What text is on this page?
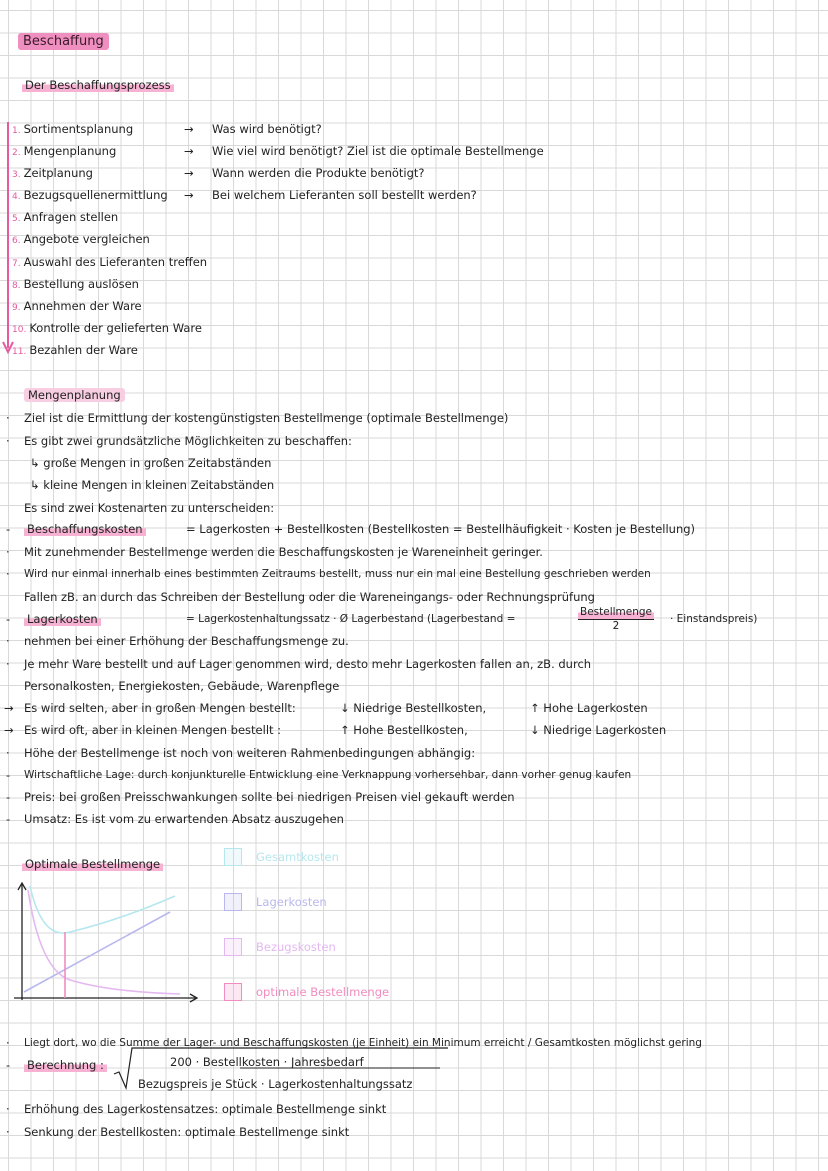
Beschaffung
Der Beschaffungsprozess
1. Sortimentsplanung	→ Was wird benötigt?
2. Mengenplanung	→ Wie viel wird benötigt? Ziel ist die optimale Bestellmenge
3. Zeitplanung	→ Wann werden die Produkte benötigt?
4. Bezugsquellenermittlung → Bei welchem Lieferanten soll bestellt werden?
5. Anfragen stellen
6. Angebote vergleichen
7. Auswahl des Lieferanten treffen
8. Bestellung auslösen
9. Annehmen der Ware
10. Kontrolle der gelieferten Ware
11. Bezahlen der Ware
Mengenplanung
· Ziel ist die Ermittlung der kostengünstigsten Bestellmenge (optimale Bestellmenge)
· Es gibt zwei grundsätzliche Möglichkeiten zu beschaffen:
↳ große Mengen in großen Zeitabständen
↳ kleine Mengen in kleinen Zeitabständen
Es sind zwei Kostenarten zu unterscheiden:
- Beschaffungskosten	= Lagerkosten + Bestellkosten (Bestellkosten = Bestellhäufigkeit · Kosten je Bestellung)
· Mit zunehmender Bestellmenge werden die Beschaffungskosten je Wareneinheit geringer.
· Wird nur einmal innerhalb eines bestimmten Zeitraums bestellt, muss nur ein mal eine Bestellung geschrieben werden
Fallen zB. an durch das Schreiben der Bestellung oder die Wareneingangs- oder Rechnungsprüfung
- Lagerkosten	= Lagerkostenhaltungssatz · Ø Lagerbestand (Lagerbestand =
Bestellmenge
2
· Einstandspreis)
· nehmen bei einer Erhöhung der Beschaffungsmenge zu.
· Je mehr Ware bestellt und auf Lager genommen wird, desto mehr Lagerkosten fallen an, zB. durch
Personalkosten, Energiekosten, Gebäude, Warenpflege
→ Es wird selten, aber in großen Mengen bestellt:	↓ Niedrige Bestellkosten,	↑ Hohe Lagerkosten
→ Es wird oft, aber in kleinen Mengen bestellt :	↑ Hohe Bestellkosten,	↓ Niedrige Lagerkosten
· Höhe der Bestellmenge ist noch von weiteren Rahmenbedingungen abhängig:
- Wirtschaftliche Lage: durch konjunkturelle Entwicklung eine Verknappung vorhersehbar, dann vorher genug kaufen
- Preis: bei großen Preisschwankungen sollte bei niedrigen Preisen viel gekauft werden
- Umsatz: Es ist vom zu erwartenden Absatz auszugehen
Optimale Bestellmenge	Gesamtkosten
Lagerkosten
Bezugskosten
optimale Bestellmenge
· Liegt dort, wo die Summe der Lager- und Beschaffungskosten (je Einheit) ein Minimum erreicht / Gesamtkosten möglichst gering
- Berechnung :	200 · Bestellkosten · Jahresbedarf
Bezugspreis je Stück · Lagerkostenhaltungssatz
· Erhöhung des Lagerkostensatzes: optimale Bestellmenge sinkt
· Senkung der Bestellkosten: optimale Bestellmenge sinkt
